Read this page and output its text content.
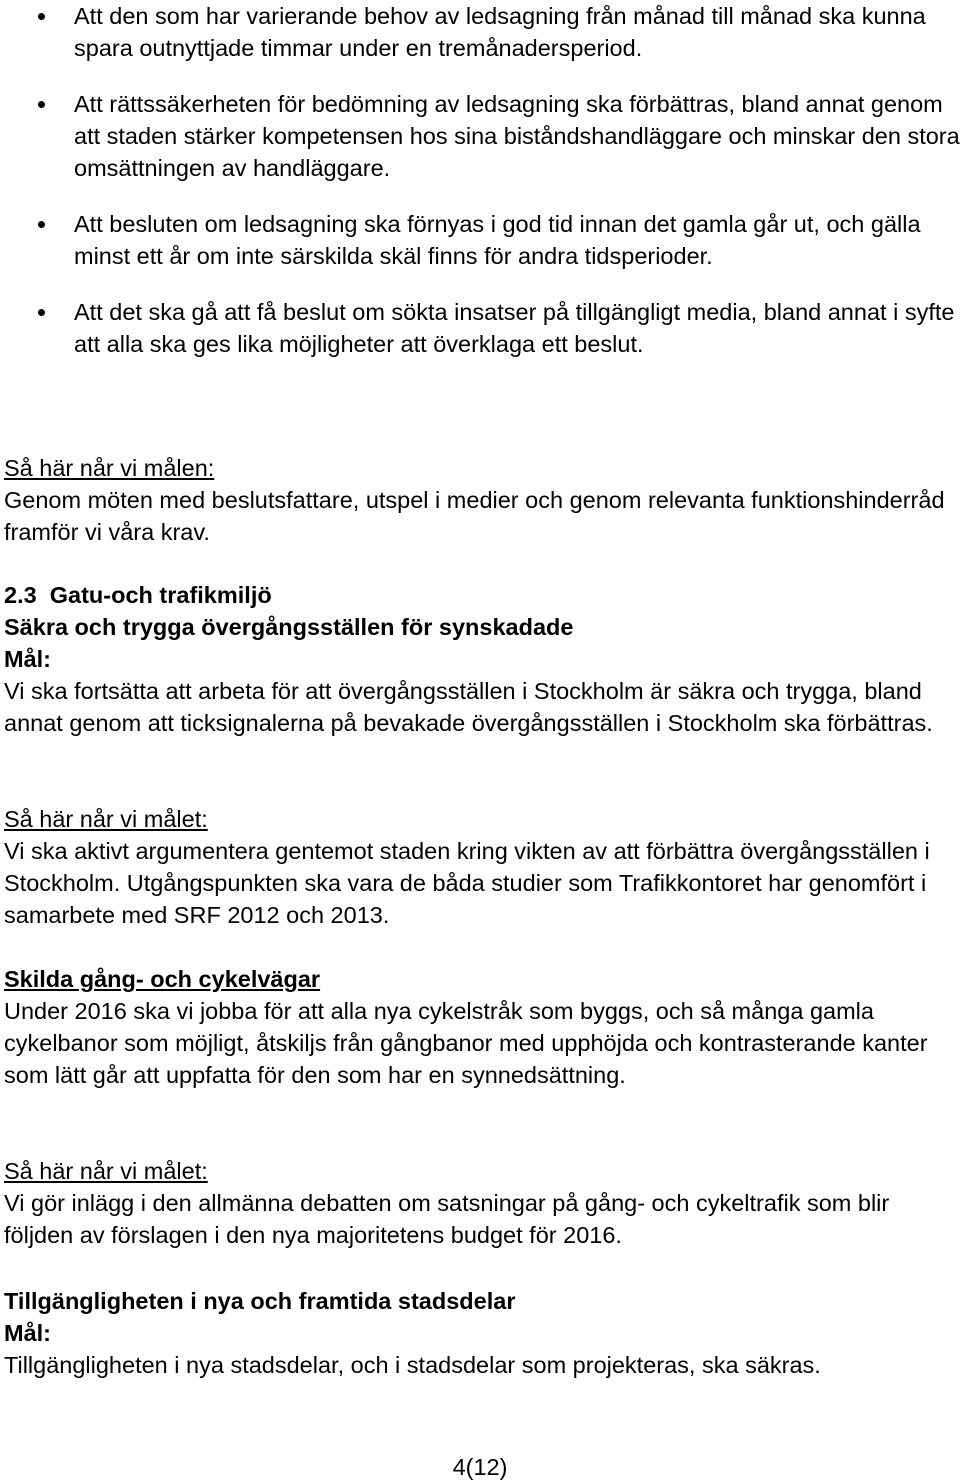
Att den som har varierande behov av ledsagning från månad till månad ska kunna spara outnyttjade timmar under en tremånadersperiod.
Att rättssäkerheten för bedömning av ledsagning ska förbättras, bland annat genom att staden stärker kompetensen hos sina biståndshandläggare och minskar den stora omsättningen av handläggare.
Att besluten om ledsagning ska förnyas i god tid innan det gamla går ut, och gälla minst ett år om inte särskilda skäl finns för andra tidsperioder.
Att det ska gå att få beslut om sökta insatser på tillgängligt media, bland annat i syfte att alla ska ges lika möjligheter att överklaga ett beslut.

Så här når vi målen:

Genom möten med beslutsfattare, utspel i medier och genom relevanta funktionshinderråd framför vi våra krav.

2.3 Gatu-och trafikmiljö

Säkra och trygga övergångsställen för synskadade

Mål:

Vi ska fortsätta att arbeta för att övergångsställen i Stockholm är säkra och trygga, bland annat genom att ticksignalerna på bevakade övergångsställen i Stockholm ska förbättras.

Så här når vi målet:

Vi ska aktivt argumentera gentemot staden kring vikten av att förbättra övergångsställen i Stockholm. Utgångspunkten ska vara de båda studier som Trafikkontoret har genomfört i samarbete med SRF 2012 och 2013.

Skilda gång- och cykelvägar

Under 2016 ska vi jobba för att alla nya cykelstråk som byggs, och så många gamla cykelbanor som möjligt, åtskiljs från gångbanor med upphöjda och kontrasterande kanter som lätt går att uppfatta för den som har en synnedsättning.

Så här når vi målet:

Vi gör inlägg i den allmänna debatten om satsningar på gång- och cykeltrafik som blir följden av förslagen i den nya majoritetens budget för 2016.

Tillgängligheten i nya och framtida stadsdelar

Mål:

Tillgängligheten i nya stadsdelar, och i stadsdelar som projekteras, ska säkras.

4(12)
